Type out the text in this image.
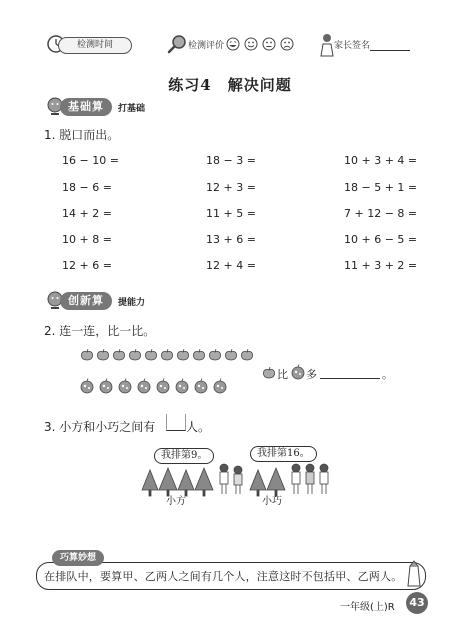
检测时间	检测评价	家长签名
练习4　解决问题
基础算	打基础
1. 脱口而出。
16 − 10 =	18 − 3 =	10 + 3 + 4 =
18 − 6 =	12 + 3 =	18 − 5 + 1 =
14 + 2 =	11 + 5 =	7 + 12 − 8 =
10 + 8 =	13 + 6 =	10 + 6 − 5 =
12 + 6 =	12 + 4 =	11 + 3 + 2 =
创新算	提能力
2. 连一连，比一比。
比 多	。
3. 小方和小巧之间有	人。
我排第9。	我排第16。
小方	小巧
巧算妙想
在排队中，要算甲、乙两人之间有几个人，注意这时不包括甲、乙两人。
一年级(上)R	43
